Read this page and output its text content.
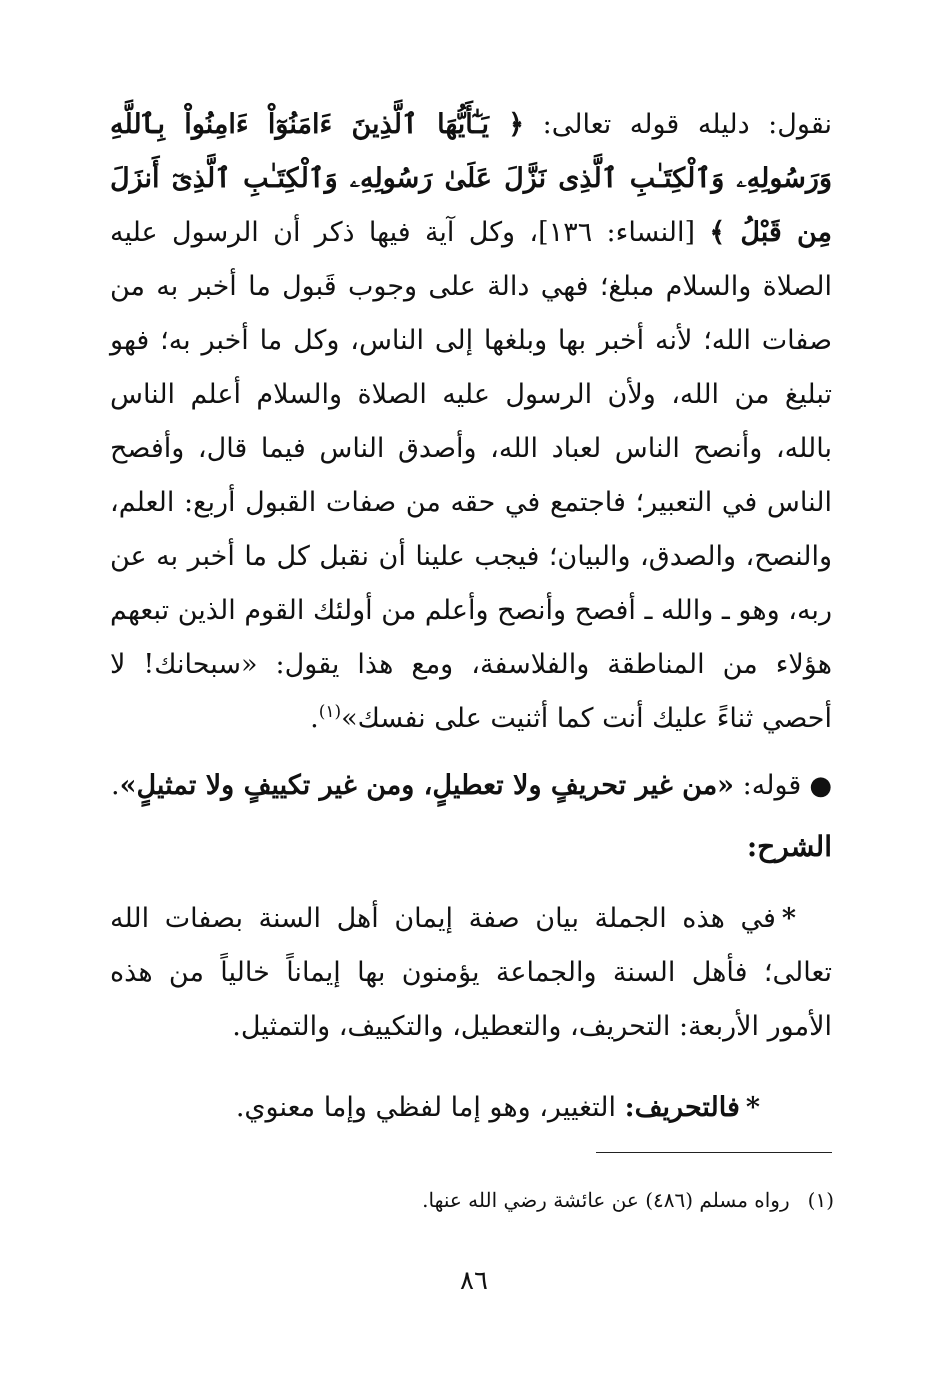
نقول: دليله قوله تعالى: ﴿ يَـٰٓأَيُّهَا ٱلَّذِينَ ءَامَنُوٓاْ ءَامِنُواْ بِٱللَّهِ وَرَسُولِهِۦ وَٱلْكِتَـٰبِ ٱلَّذِى نَزَّلَ عَلَىٰ رَسُولِهِۦ وَٱلْكِتَـٰبِ ٱلَّذِىٓ أَنزَلَ مِن قَبْلُ ﴾ [النساء: ١٣٦]، وكل آية فيها ذكر أن الرسول عليه الصلاة والسلام مبلغ؛ فهي دالة على وجوب قَبول ما أخبر به من صفات الله؛ لأنه أخبر بها وبلغها إلى الناس، وكل ما أخبر به؛ فهو تبليغ من الله، ولأن الرسول عليه الصلاة والسلام أعلم الناس بالله، وأنصح الناس لعباد الله، وأصدق الناس فيما قال، وأفصح الناس في التعبير؛ فاجتمع في حقه من صفات القبول أربع: العلم، والنصح، والصدق، والبيان؛ فيجب علينا أن نقبل كل ما أخبر به عن ربه، وهو ـ والله ـ أفصح وأنصح وأعلم من أولئك القوم الذين تبعهم هؤلاء من المناطقة والفلاسفة، ومع هذا يقول: «سبحانك! لا أحصي ثناءً عليك أنت كما أثنيت على نفسك»$^{(١)}$.

●قوله: «من غير تحريفٍ ولا تعطيلٍ، ومن غير تكييفٍ ولا تمثيلٍ».
الشرح:

*في هذه الجملة بيان صفة إيمان أهل السنة بصفات الله تعالى؛ فأهل السنة والجماعة يؤمنون بها إيماناً خالياً من هذه الأمور الأربعة: التحريف، والتعطيل، والتكييف، والتمثيل.

*فالتحريف: التغيير، وهو إما لفظي وإما معنوي.

(١)رواه مسلم (٤٨٦) عن عائشة رضي الله عنها.
٨٦
